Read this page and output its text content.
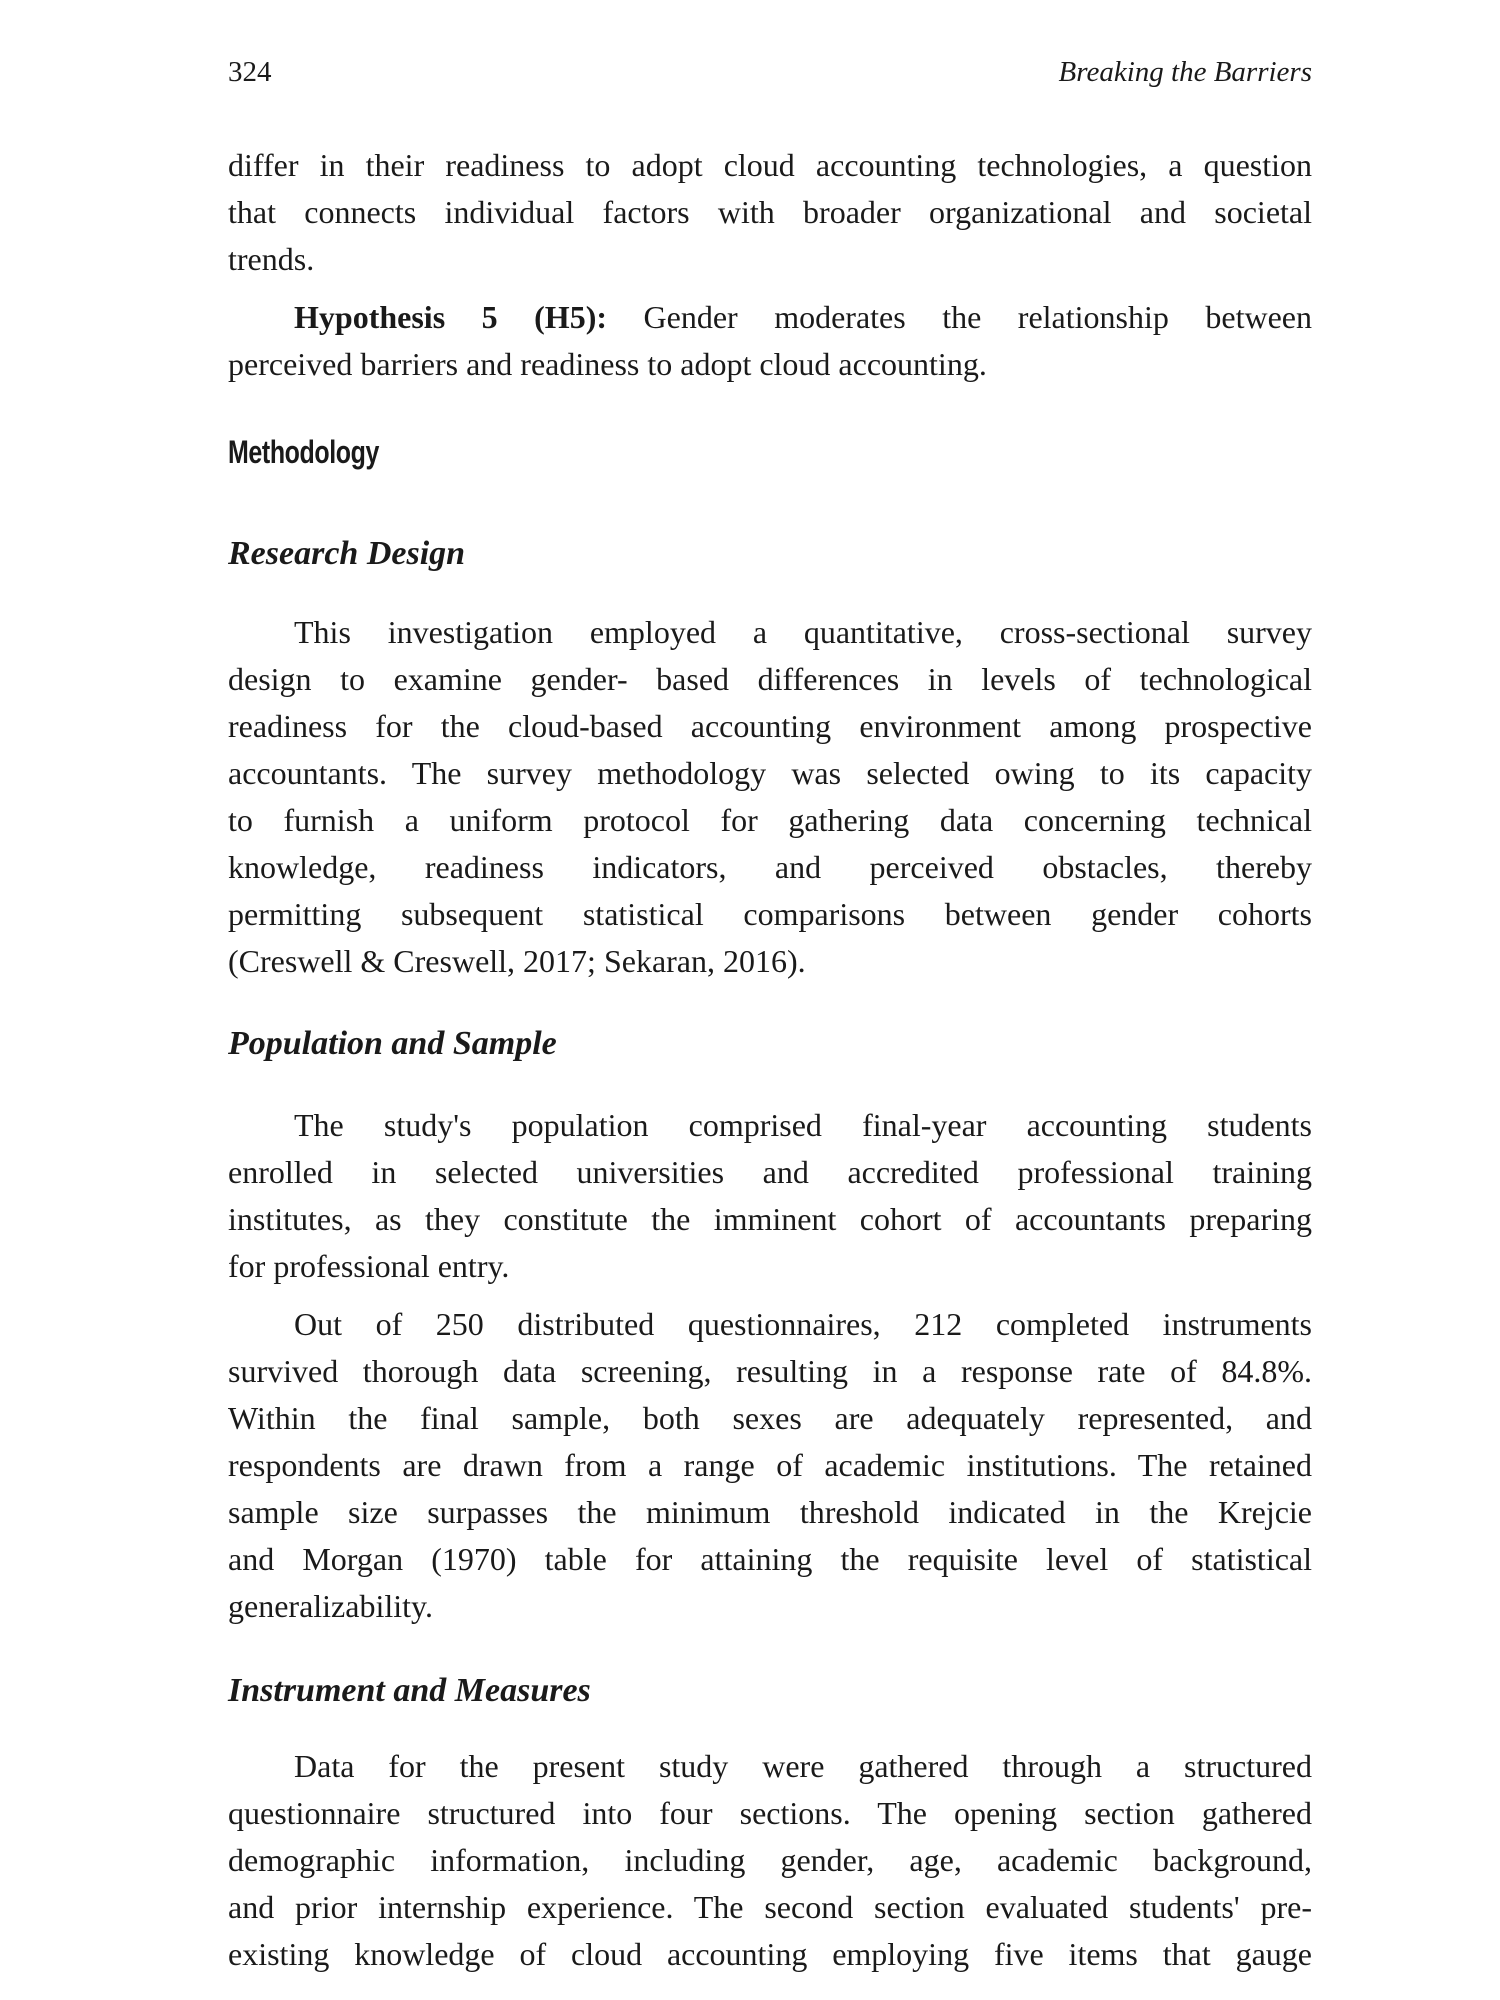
324	Breaking the Barriers
differ in their readiness to adopt cloud accounting technologies, a question
that connects individual factors with broader organizational and societal
trends.
Hypothesis 5 (H5): Gender moderates the relationship between
perceived barriers and readiness to adopt cloud accounting.
Methodology
Research Design
This investigation employed a quantitative, cross-sectional survey
design to examine gender- based differences in levels of technological
readiness for the cloud-based accounting environment among prospective
accountants. The survey methodology was selected owing to its capacity
to furnish a uniform protocol for gathering data concerning technical
knowledge, readiness indicators, and perceived obstacles, thereby
permitting subsequent statistical comparisons between gender cohorts
(Creswell & Creswell, 2017; Sekaran, 2016).
Population and Sample
The study's population comprised final-year accounting students
enrolled in selected universities and accredited professional training
institutes, as they constitute the imminent cohort of accountants preparing
for professional entry.
Out of 250 distributed questionnaires, 212 completed instruments
survived thorough data screening, resulting in a response rate of 84.8%.
Within the final sample, both sexes are adequately represented, and
respondents are drawn from a range of academic institutions. The retained
sample size surpasses the minimum threshold indicated in the Krejcie
and Morgan (1970) table for attaining the requisite level of statistical
generalizability.
Instrument and Measures
Data for the present study were gathered through a structured
questionnaire structured into four sections. The opening section gathered
demographic information, including gender, age, academic background,
and prior internship experience. The second section evaluated students' pre-
existing knowledge of cloud accounting employing five items that gauge
